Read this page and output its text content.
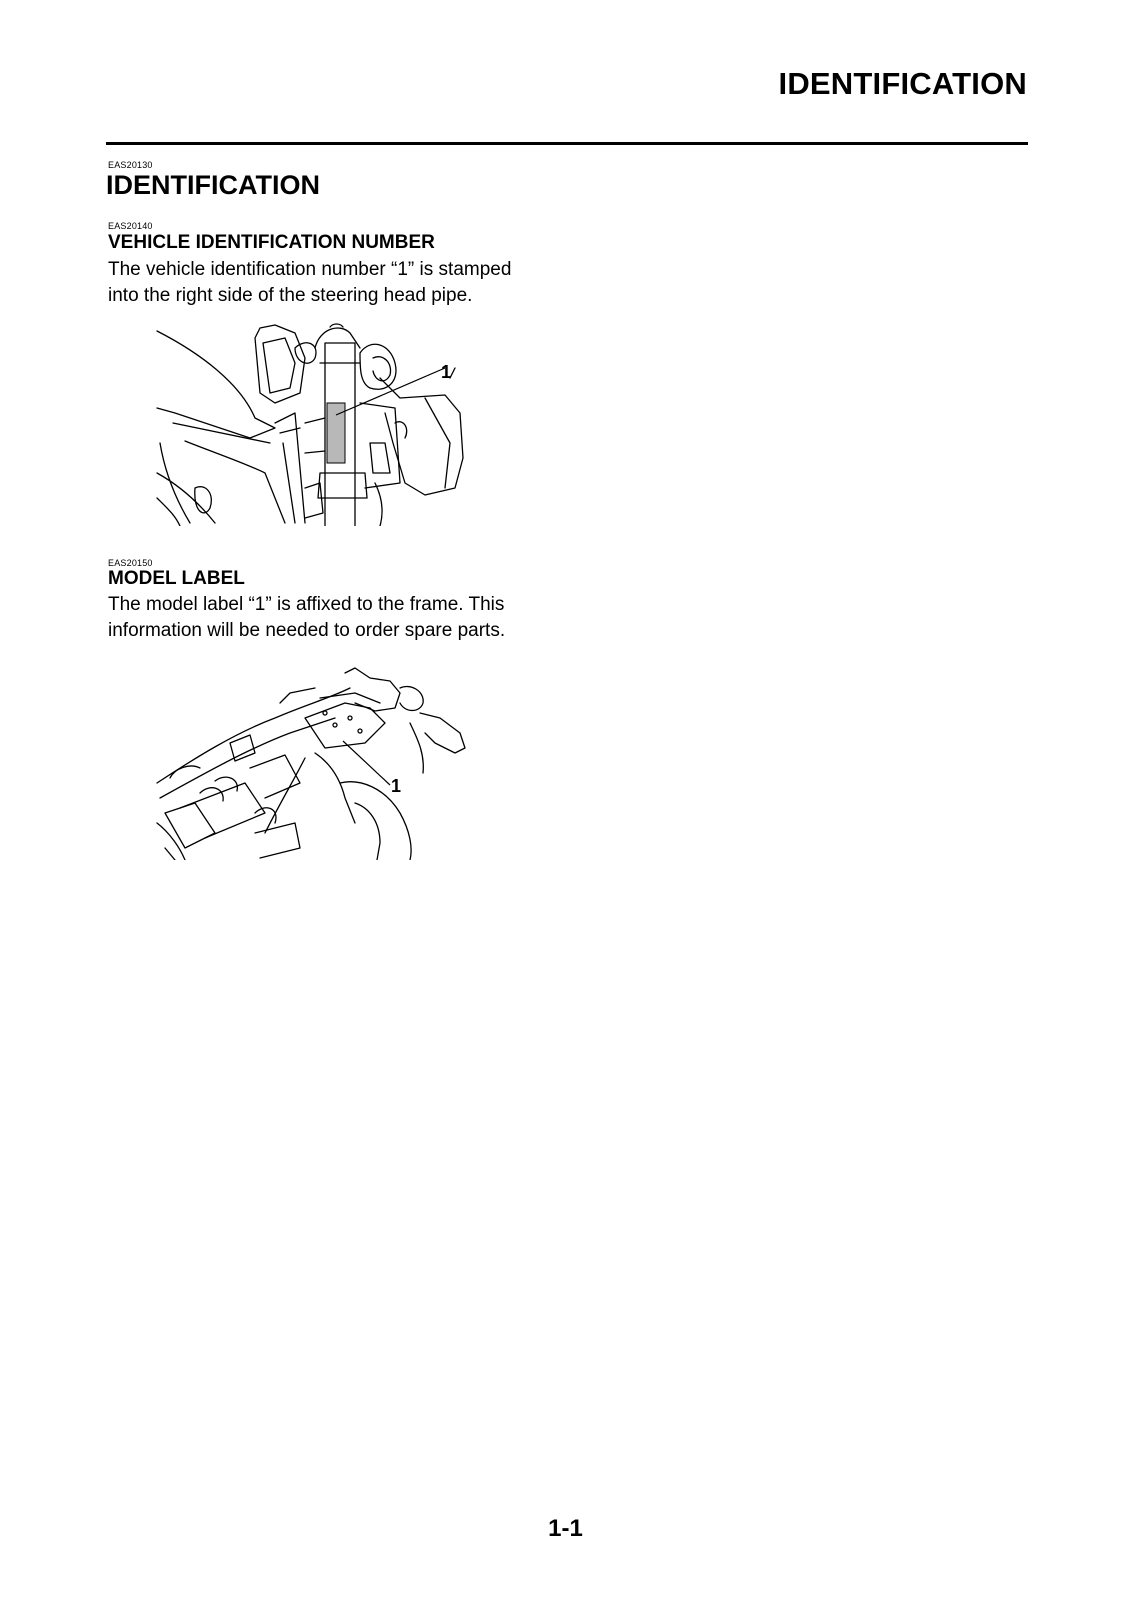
IDENTIFICATION
EAS20130
IDENTIFICATION
EAS20140
VEHICLE IDENTIFICATION NUMBER
The vehicle identification number “1” is stamped
into the right side of the steering head pipe.
1
EAS20150
MODEL LABEL
The model label “1” is affixed to the frame. This
information will be needed to order spare parts.
1
1-1
